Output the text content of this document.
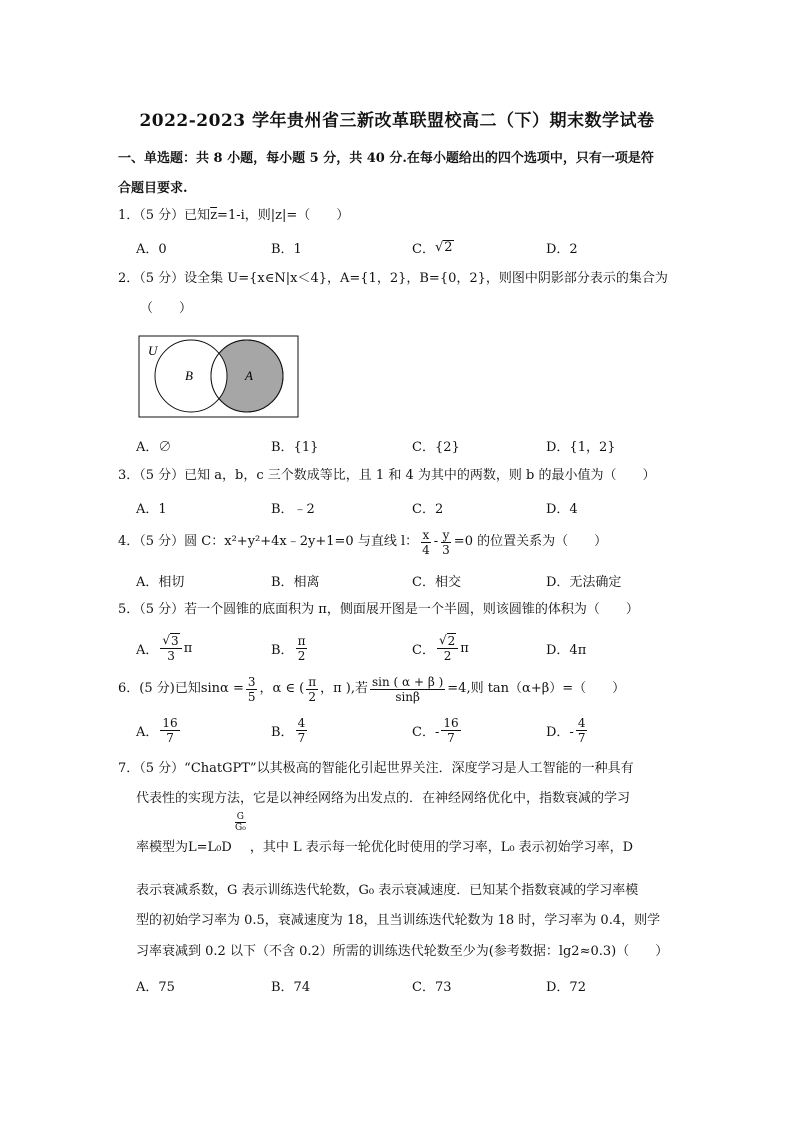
2022-2023 学年贵州省三新改革联盟校高二（下）期末数学试卷
一、单选题：共 8 小题，每小题 5 分，共 40 分.在每小题给出的四个选项中，只有一项是符
合题目要求.
1．（5 分）已知$\overline{z}=1-i$，则|z|=（　　）
A．0	B．1	C． √ 2	D．2
2．（5 分）设全集 U={x∈N|x＜4}，A={1，2}，B={0，2}，则图中阴影部分表示的集合为
（　　）
U
B	A
A．∅	B．{1}	C．{2}	D．{1，2}
3．（5 分）已知 a，b，c 三个数成等比，且 1 和 4 为其中的两数，则 b 的最小值为（　　）
A．1	B．﹣2	C．2	D．4
4．（5 分）圆 C：x²+y²+4x﹣2y+1=0 与直线 l： $\frac{x}{4} - \frac{y}{3} =0$ 的位置关系为（　　）
A．相切	B．相离	C．相交	D．无法确定
5．（5 分）若一个圆锥的底面积为 π，侧面展开图是一个半圆，则该圆锥的体积为（　　）
A． $\frac{√ 3}{3}$ π	B． $\frac{\pi}{2}$	C． $\frac{√ 2}{2}$ π	D．4π
6．(5 分)已知 $\sin\alpha = \frac{3}{5}$ ，α ∈ ( $\frac{\pi}{2}$ ，π ),若 $\frac{\sin ( \alpha + \beta )}{\sin\beta} =4$,则 tan（α+β）=（　　）
A． $\frac{16}{7}$	B． $\frac{4}{7}$	C．- $\frac{16}{7}$	D．- $\frac{4}{7}$
7．（5 分）“ChatGPT”以其极高的智能化引起世界关注．深度学习是人工智能的一种具有
代表性的实现方法，它是以神经网络为出发点的．在神经网络优化中，指数衰减的学习
率模型为 L=L₀D
$\frac{G}{\text{G₀}}$
，其中 L 表示每一轮优化时使用的学习率，L₀ 表示初始学习率，D
表示衰减系数，G 表示训练迭代轮数，G₀ 表示衰减速度．已知某个指数衰减的学习率模
型的初始学习率为 0.5，衰减速度为 18，且当训练迭代轮数为 18 时，学习率为 0.4，则学
习率衰减到 0.2 以下（不含 0.2）所需的训练迭代轮数至少为(参考数据：lg2≈0.3)（　　）
A．75	B．74	C．73	D．72
